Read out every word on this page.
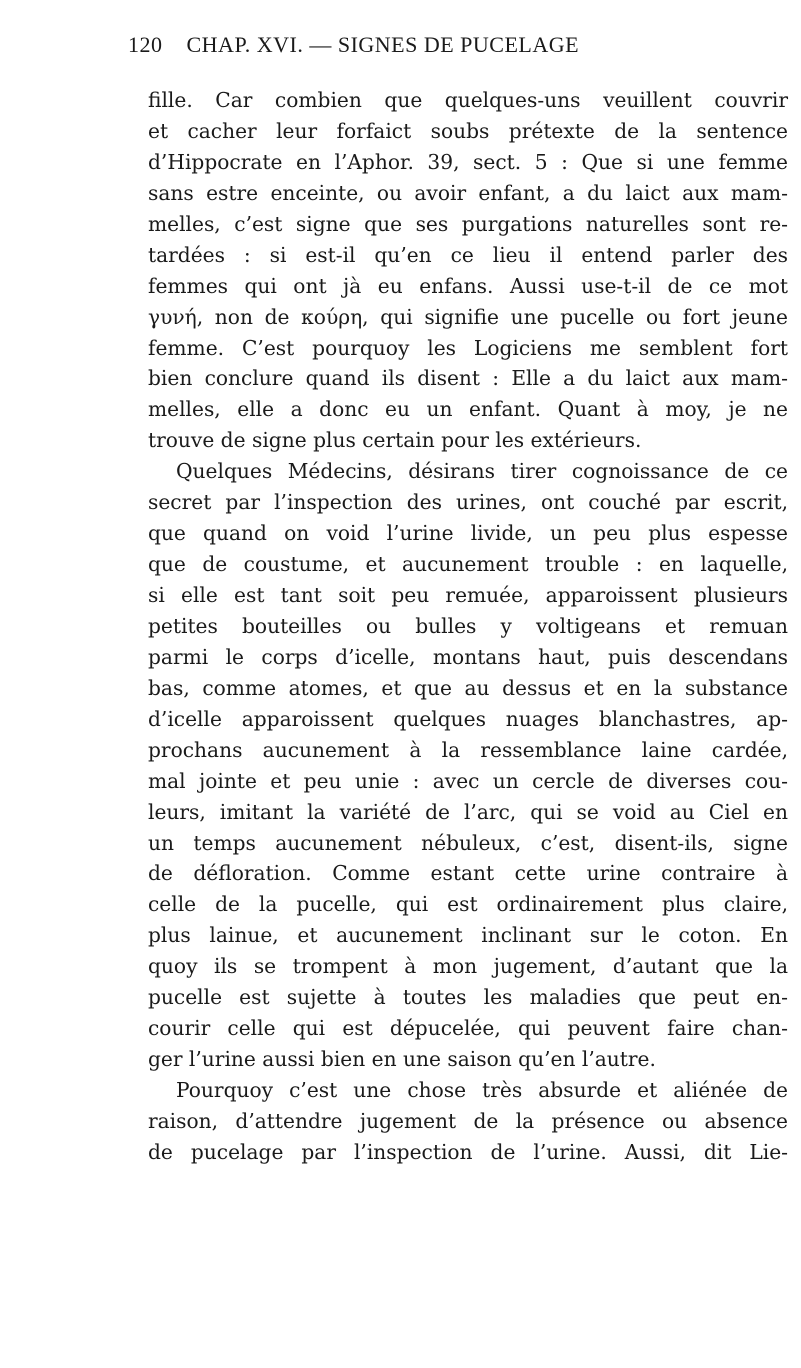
120 CHAP. XVI. — SIGNES DE PUCELAGE
fille. Car combien que quelques-uns veuillent couvrir
et cacher leur forfaict soubs prétexte de la sentence
d’Hippocrate en l’Aphor. 39, sect. 5 : Que si une femme
sans estre enceinte, ou avoir enfant, a du laict aux mam-
melles, c’est signe que ses purgations naturelles sont re-
tardées : si est-il qu’en ce lieu il entend parler des
femmes qui ont jà eu enfans. Aussi use-t-il de ce mot
γυνή, non de κούρη, qui signifie une pucelle ou fort jeune
femme. C’est pourquoy les Logiciens me semblent fort
bien conclure quand ils disent : Elle a du laict aux mam-
melles, elle a donc eu un enfant. Quant à moy, je ne
trouve de signe plus certain pour les extérieurs.
Quelques Médecins, désirans tirer cognoissance de ce
secret par l’inspection des urines, ont couché par escrit,
que quand on void l’urine livide, un peu plus espesse
que de coustume, et aucunement trouble : en laquelle,
si elle est tant soit peu remuée, apparoissent plusieurs
petites bouteilles ou bulles y voltigeans et remuan
parmi le corps d’icelle, montans haut, puis descendans
bas, comme atomes, et que au dessus et en la substance
d’icelle apparoissent quelques nuages blanchastres, ap-
prochans aucunement à la ressemblance laine cardée,
mal jointe et peu unie : avec un cercle de diverses cou-
leurs, imitant la variété de l’arc, qui se void au Ciel en
un temps aucunement nébuleux, c’est, disent-ils, signe
de défloration. Comme estant cette urine contraire à
celle de la pucelle, qui est ordinairement plus claire,
plus lainue, et aucunement inclinant sur le coton. En
quoy ils se trompent à mon jugement, d’autant que la
pucelle est sujette à toutes les maladies que peut en-
courir celle qui est dépucelée, qui peuvent faire chan-
ger l’urine aussi bien en une saison qu’en l’autre.
Pourquoy c’est une chose très absurde et aliénée de
raison, d’attendre jugement de la présence ou absence
de pucelage par l’inspection de l’urine. Aussi, dit Lie-
